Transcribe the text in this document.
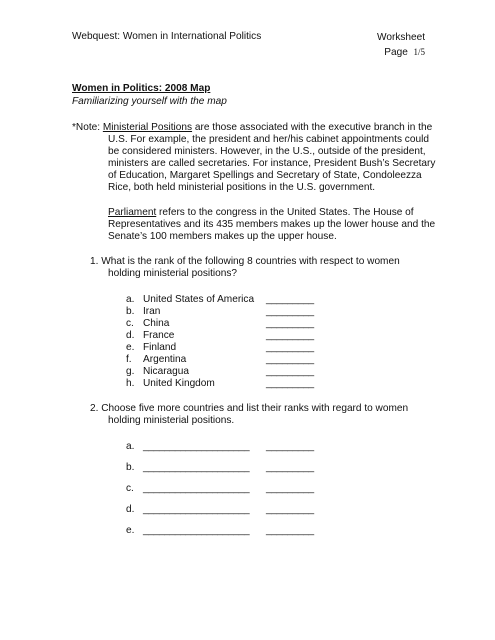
Webquest: Women in International Politics	Worksheet
Page 1/5
Women in Politics: 2008 Map
Familiarizing yourself with the map
*Note: Ministerial Positions are those associated with the executive branch in the
U.S. For example, the president and her/his cabinet appointments could
be considered ministers. However, in the U.S., outside of the president,
ministers are called secretaries. For instance, President Bush’s Secretary
of Education, Margaret Spellings and Secretary of State, Condoleezza
Rice, both held ministerial positions in the U.S. government.
Parliament refers to the congress in the United States. The House of
Representatives and its 435 members makes up the lower house and the
Senate’s 100 members makes up the upper house.
1. What is the rank of the following 8 countries with respect to women
holding ministerial positions?
a. United States of America _________
b. Iran	_________
c. China	_________
d. France	_________
e. Finland	_________
f. Argentina	_________
g. Nicaragua	_________
h. United Kingdom	_________
2. Choose five more countries and list their ranks with regard to women
holding ministerial positions.
a. ____________________ _________
b. ____________________ _________
c. ____________________ _________
d. ____________________ _________
e. ____________________ _________
